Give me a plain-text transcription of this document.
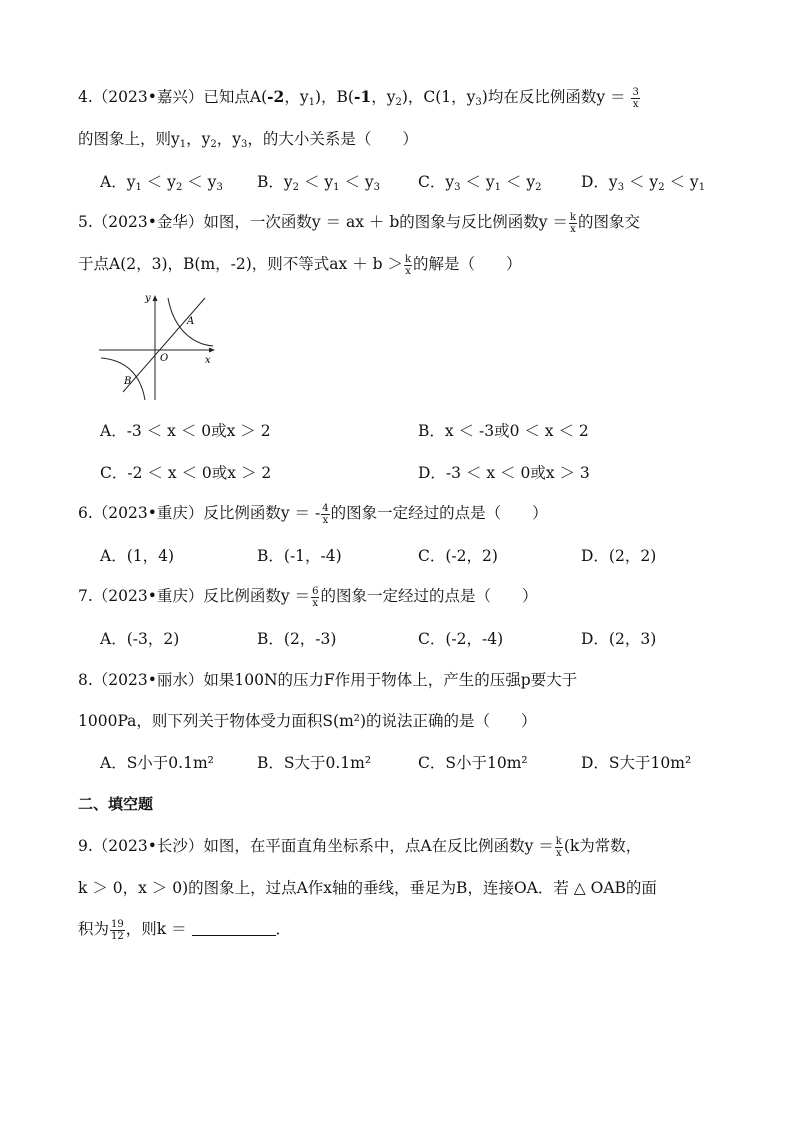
4.（2023•嘉兴）已知点A(-2，$y_1$)，B(-1，$y_2$)，C(1，$y_3$)均在反比例函数$y = \frac{3}{x}$
的图象上，则$y_1$，$y_2$，$y_3$，的大小关系是（　　）
A．$y_1 < y_2 < y_3$ B．$y_2 < y_1 < y_3$ C．$y_3 < y_1 < y_2$	D．$y_3 < y_2 < y_1$
5.（2023•金华）如图，一次函数y ＝ ax ＋ b的图象与反比例函数$y = \frac{k}{x}$ 的图象交
于点A(2，3)，B(m，-2)，则不等式ax ＋ $b > \frac{k}{x}$ 的解是（　　）
y
x
O
A
B
A．-3 ＜ x ＜ 0或x ＞ 2	B．x ＜ -3或0 ＜ x ＜ 2
C．-2 ＜ x ＜ 0或x ＞ 2	D．-3 ＜ x ＜ 0或x ＞ 3
6.（2023•重庆）反比例函数y ＝ - $\frac{4}{x}$ 的图象一定经过的点是（　　）
A．(1，4)	B．(-1，-4)	C．(-2，2)	D．(2，2)
7.（2023•重庆）反比例函数$y = \frac{6}{x}$ 的图象一定经过的点是（　　）
A．(-3，2)	B．(2，-3)	C．(-2，-4)	D．(2，3)
8.（2023•丽水）如果100N的压力F作用于物体上，产生的压强p要大于
1000Pa，则下列关于物体受力面积S(m²)的说法正确的是（　　）
A．S小于0.1m²	B．S大于0.1m²	C．S小于10m²	D．S大于10m²
二、填空题
9.（2023•长沙）如图，在平面直角坐标系中，点A在反比例函数$y = \frac{k}{x} (k$为常数，
k ＞ 0，x ＞ 0)的图象上，过点A作x轴的垂线，垂足为B，连接OA．若 △ OAB的面
积为 $\frac{19}{12}$ ，则k ＝	．
